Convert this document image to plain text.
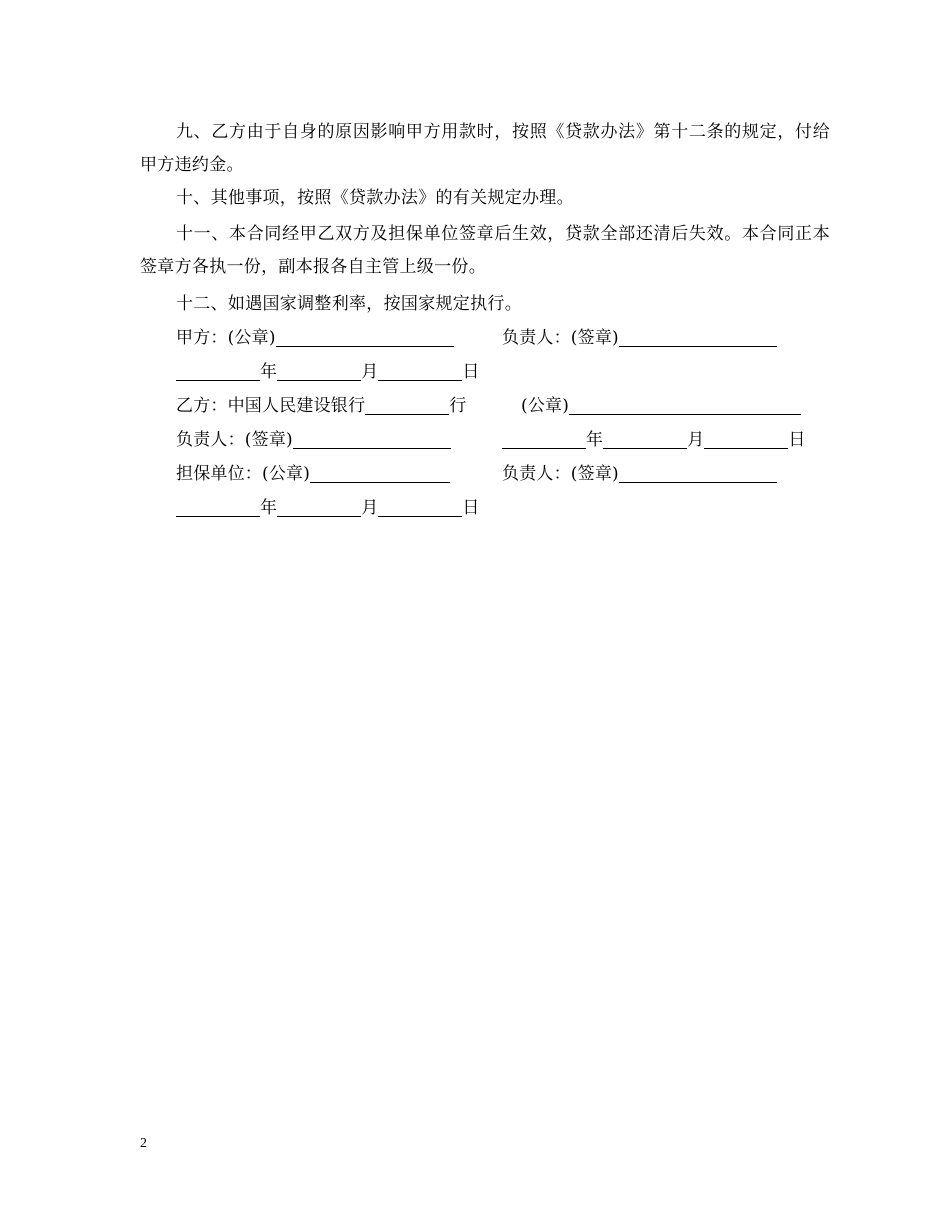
九、乙方由于自身的原因影响甲方用款时，按照《贷款办法》第十二条的规定，付给甲方违约金。

十、其他事项，按照《贷款办法》的有关规定办理。

十一、本合同经甲乙双方及担保单位签章后生效，贷款全部还清后失效。本合同正本签章方各执一份，副本报各自主管上级一份。

十二、如遇国家调整利率，按国家规定执行。

甲方：(公章)	负责人：(签章)
年	月	日
乙方：中国人民建设银行	行	(公章)
负责人：(签章)	年	月	日
担保单位：(公章)	负责人：(签章)
年	月	日
2
